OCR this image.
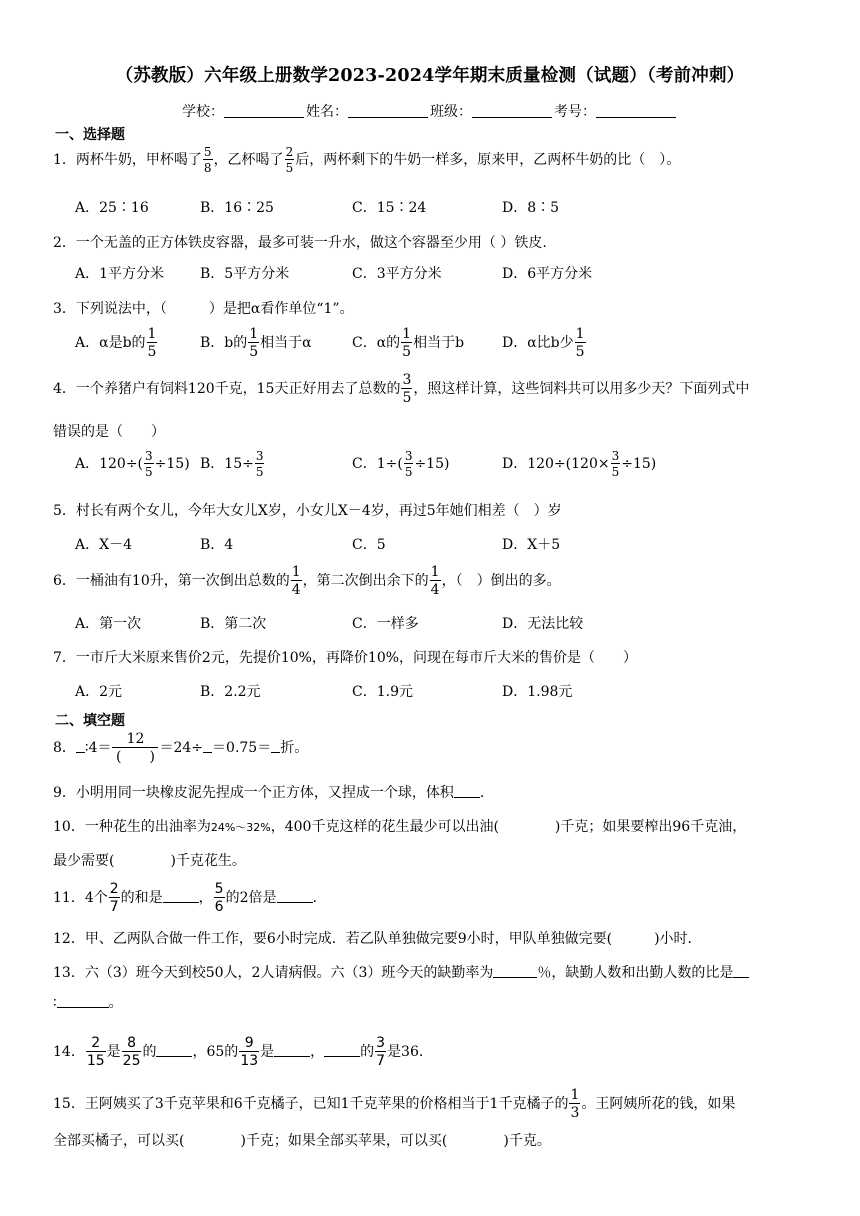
（苏教版）六年级上册数学2023-2024学年期末质量检测（试题）（考前冲刺）
学校：	姓名：	班级：	考号：
一、选择题
1．两杯牛奶，甲杯喝了 $\frac{5}{8}$ ，乙杯喝了 $\frac{2}{5}$ 后，两杯剩下的牛奶一样多，原来甲，乙两杯牛奶的比（　）。
A．25∶16	B．16∶25	C．15∶24	D．8∶5
2．一个无盖的正方体铁皮容器，最多可装一升水，做这个容器至少用（ ）铁皮.
A．1平方分米	B．5平方分米	C．3平方分米	D．6平方分米
3．下列说法中，（　　　）是把α看作单位“1”。
A．α是b的 $\frac{1}{5}$	B．b的 $\frac{1}{5}$ 相当于α	C．α的 $\frac{1}{5}$ 相当于b	D．α比b少 $\frac{1}{5}$
4．一个养猪户有饲料120千克，15天正好用去了总数的 $\frac{3}{5}$ ，照这样计算，这些饲料共可以用多少天？下面列式中
错误的是（　　）
A．$120\div( \frac{3}{5} \div 15)$ B．$15\div \frac{3}{5}$	C．$1\div( \frac{3}{5} \div 15)$	D．$120\div(120\times \frac{3}{5} \div 15)$
5．村长有两个女儿，今年大女儿X岁，小女儿X－4岁，再过5年她们相差（　）岁
A．X－4	B．4	C．5	D．X＋5
6．一桶油有10升，第一次倒出总数的 $\frac{1}{4}$ ，第二次倒出余下的 $\frac{1}{4}$ ，（　）倒出的多。
A．第一次	B．第二次	C．一样多	D．无法比较
7．一市斤大米原来售价2元，先提价10%，再降价10%，问现在每市斤大米的售价是（　　）
A．2元	B．2.2元	C．1.9元	D．1.98元
二、填空题
8． ∶4＝ $\frac{12}{( )} =24\div =0.75=$ 折。
9．小明用同一块橡皮泥先捏成一个正方体，又捏成一个球，体积 .
10．一种花生的出油率为24%～32%，400千克这样的花生最少可以出油(　　　　)千克；如果要榨出96千克油，
最少需要(　　　　)千克花生。
11．4个 $\frac{2}{7}$ 的和是	， $\frac{5}{6}$ 的2倍是	.
12．甲、乙两队合做一件工作，要6小时完成．若乙队单独做完要9小时，甲队单独做完要(　　　)小时．
13．六（3）班今天到校50人，2人请病假。六（3）班今天的缺勤率为	％，缺勤人数和出勤人数的比是
∶	。
14． $\frac{2}{15}$ 是 $\frac{8}{25}$ 的	，65的 $\frac{9}{13}$ 是	，	的 $\frac{3}{7}$ 是36.
15．王阿姨买了3千克苹果和6千克橘子，已知1千克苹果的价格相当于1千克橘子的 $\frac{1}{3}$ 。王阿姨所花的钱，如果
全部买橘子，可以买(　　　　)千克；如果全部买苹果，可以买(　　　　)千克。
